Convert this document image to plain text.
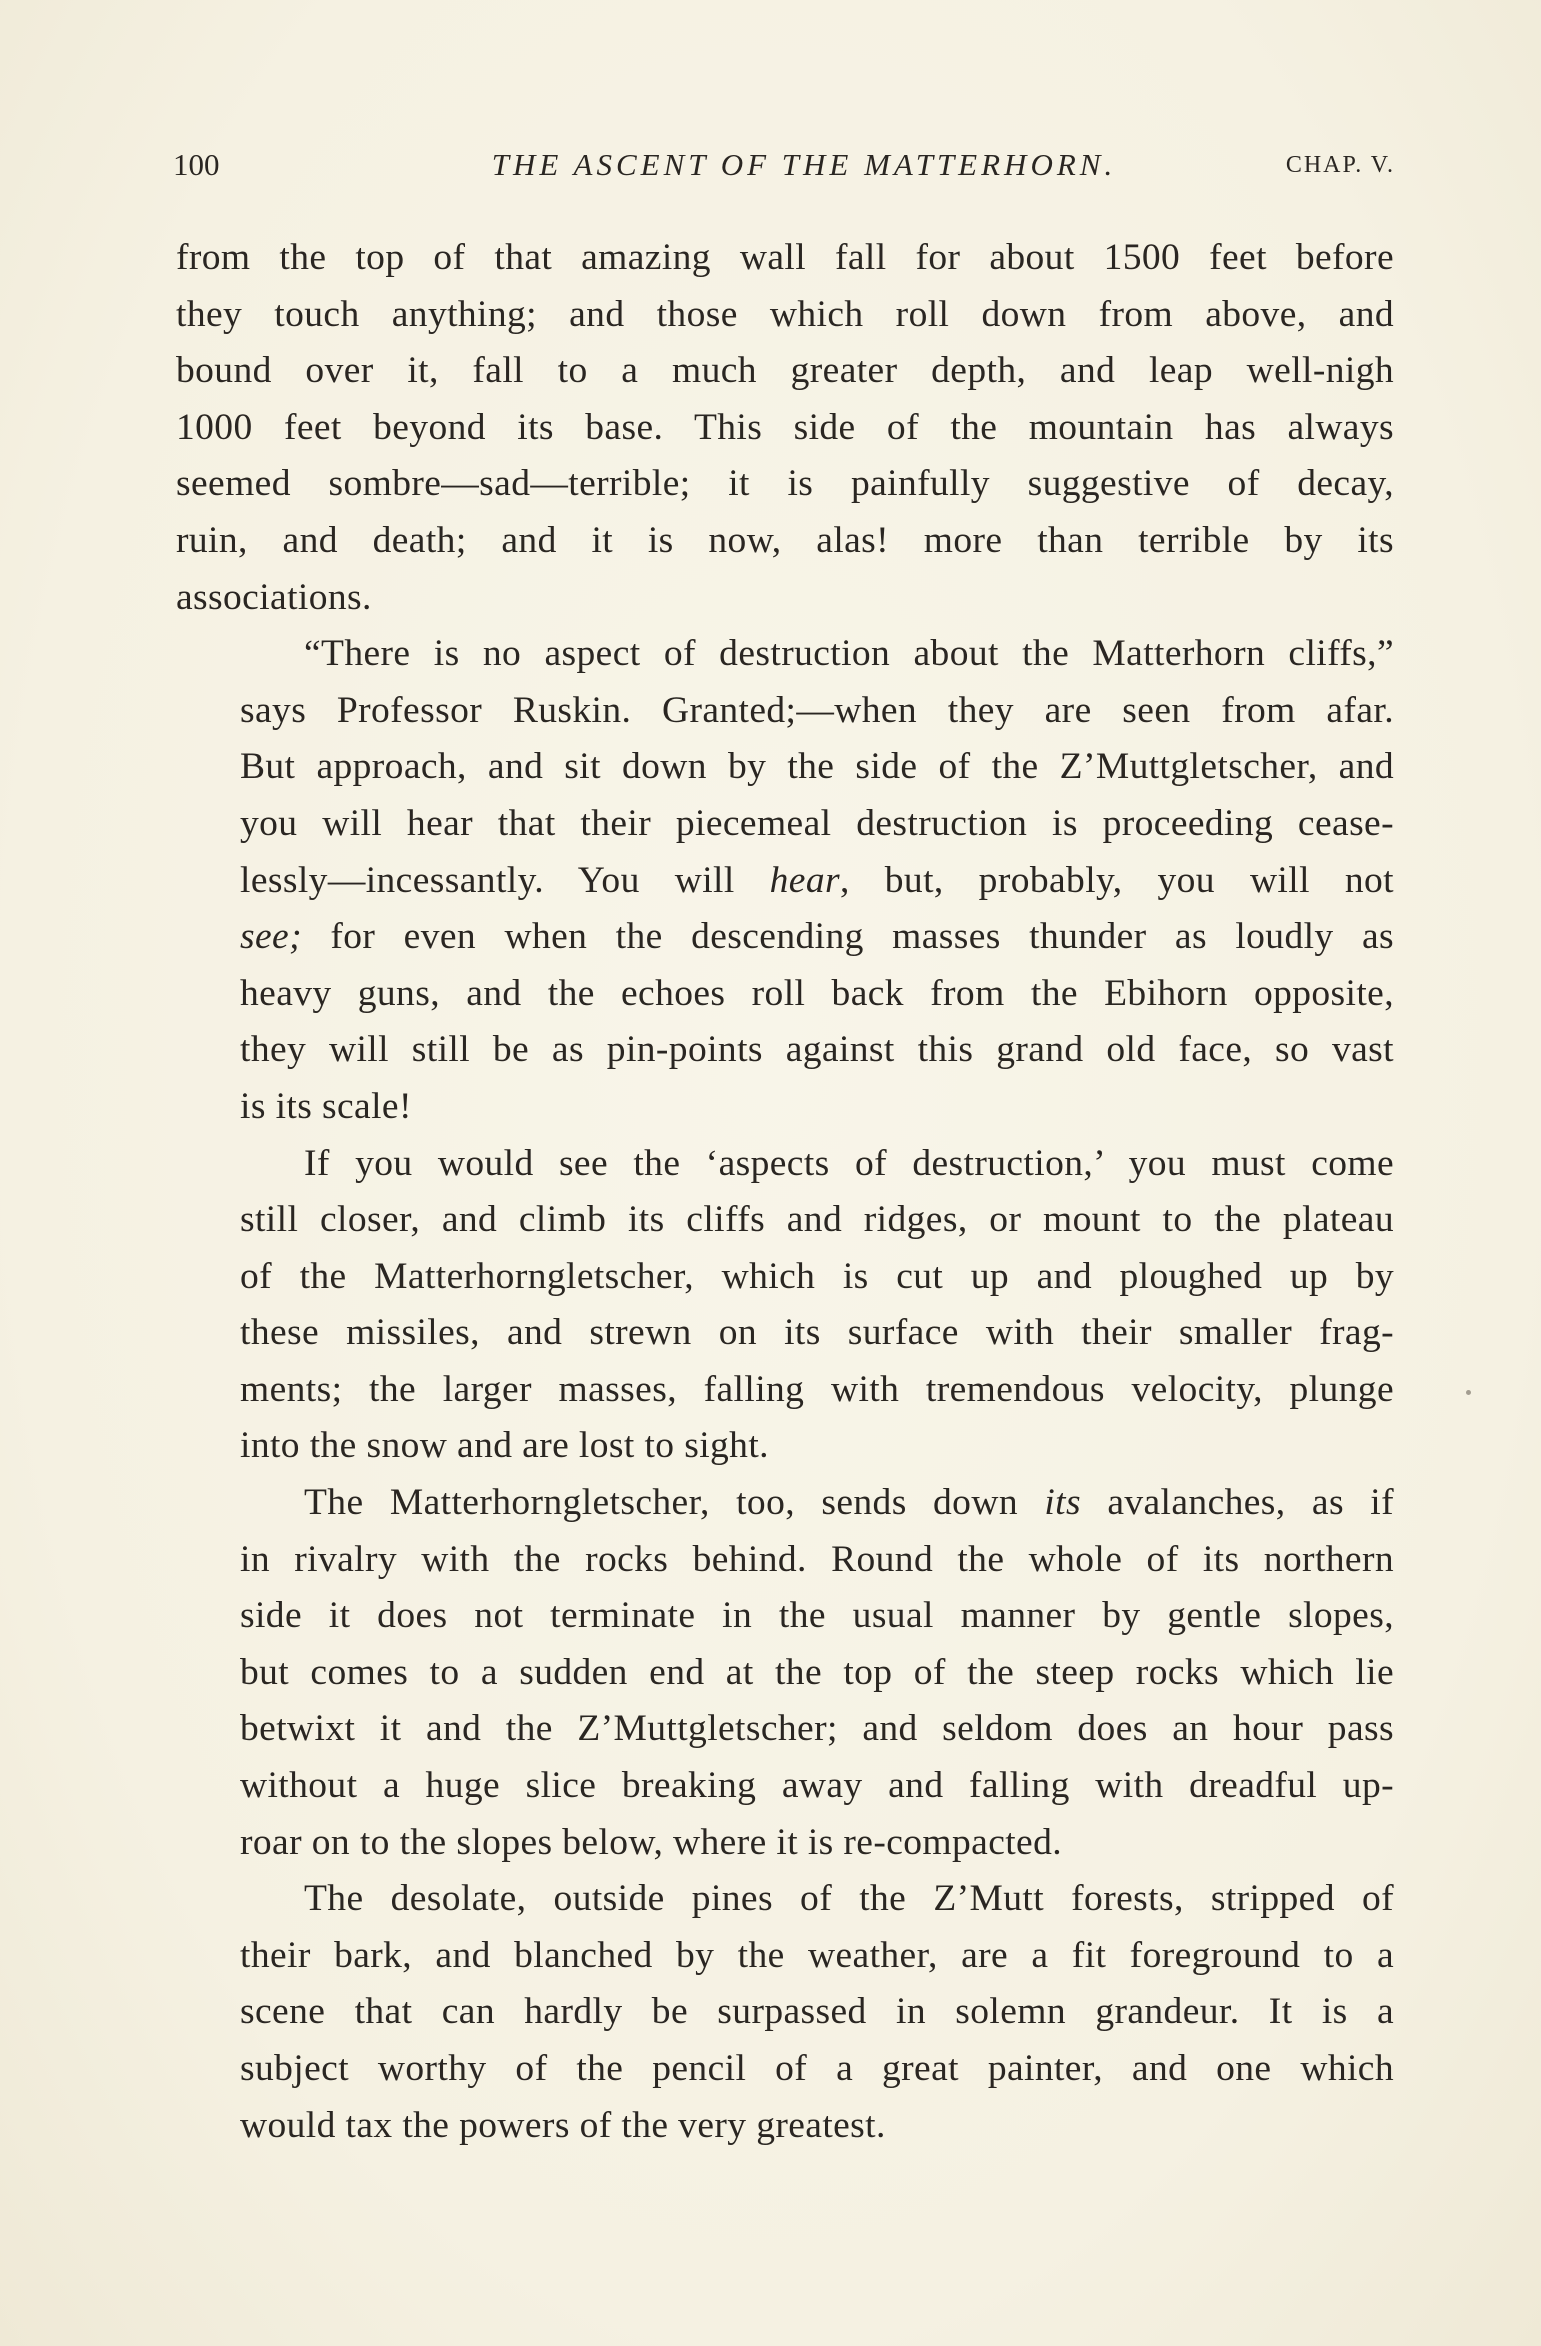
100	THE ASCENT OF THE MATTERHORN.	CHAP. V.
from the top of that amazing wall fall for about 1500 feet before
they touch anything; and those which roll down from above, and
bound over it, fall to a much greater depth, and leap well-nigh
1000 feet beyond its base. This side of the mountain has always
seemed sombre—sad—terrible; it is painfully suggestive of decay,
ruin, and death; and it is now, alas! more than terrible by its
associations.
“There is no aspect of destruction about the Matterhorn cliffs,”
says Professor Ruskin. Granted;—when they are seen from afar.
But approach, and sit down by the side of the Z’Muttgletscher, and
you will hear that their piecemeal destruction is proceeding cease-
lessly—incessantly. You will hear, but, probably, you will not
see; for even when the descending masses thunder as loudly as
heavy guns, and the echoes roll back from the Ebihorn opposite,
they will still be as pin-points against this grand old face, so vast
is its scale!
If you would see the ‘aspects of destruction,’ you must come
still closer, and climb its cliffs and ridges, or mount to the plateau
of the Matterhorngletscher, which is cut up and ploughed up by
these missiles, and strewn on its surface with their smaller frag-
ments; the larger masses, falling with tremendous velocity, plunge
into the snow and are lost to sight.
The Matterhorngletscher, too, sends down its avalanches, as if
in rivalry with the rocks behind. Round the whole of its northern
side it does not terminate in the usual manner by gentle slopes,
but comes to a sudden end at the top of the steep rocks which lie
betwixt it and the Z’Muttgletscher; and seldom does an hour pass
without a huge slice breaking away and falling with dreadful up-
roar on to the slopes below, where it is re-compacted.
The desolate, outside pines of the Z’Mutt forests, stripped of
their bark, and blanched by the weather, are a fit foreground to a
scene that can hardly be surpassed in solemn grandeur. It is a
subject worthy of the pencil of a great painter, and one which
would tax the powers of the very greatest.
